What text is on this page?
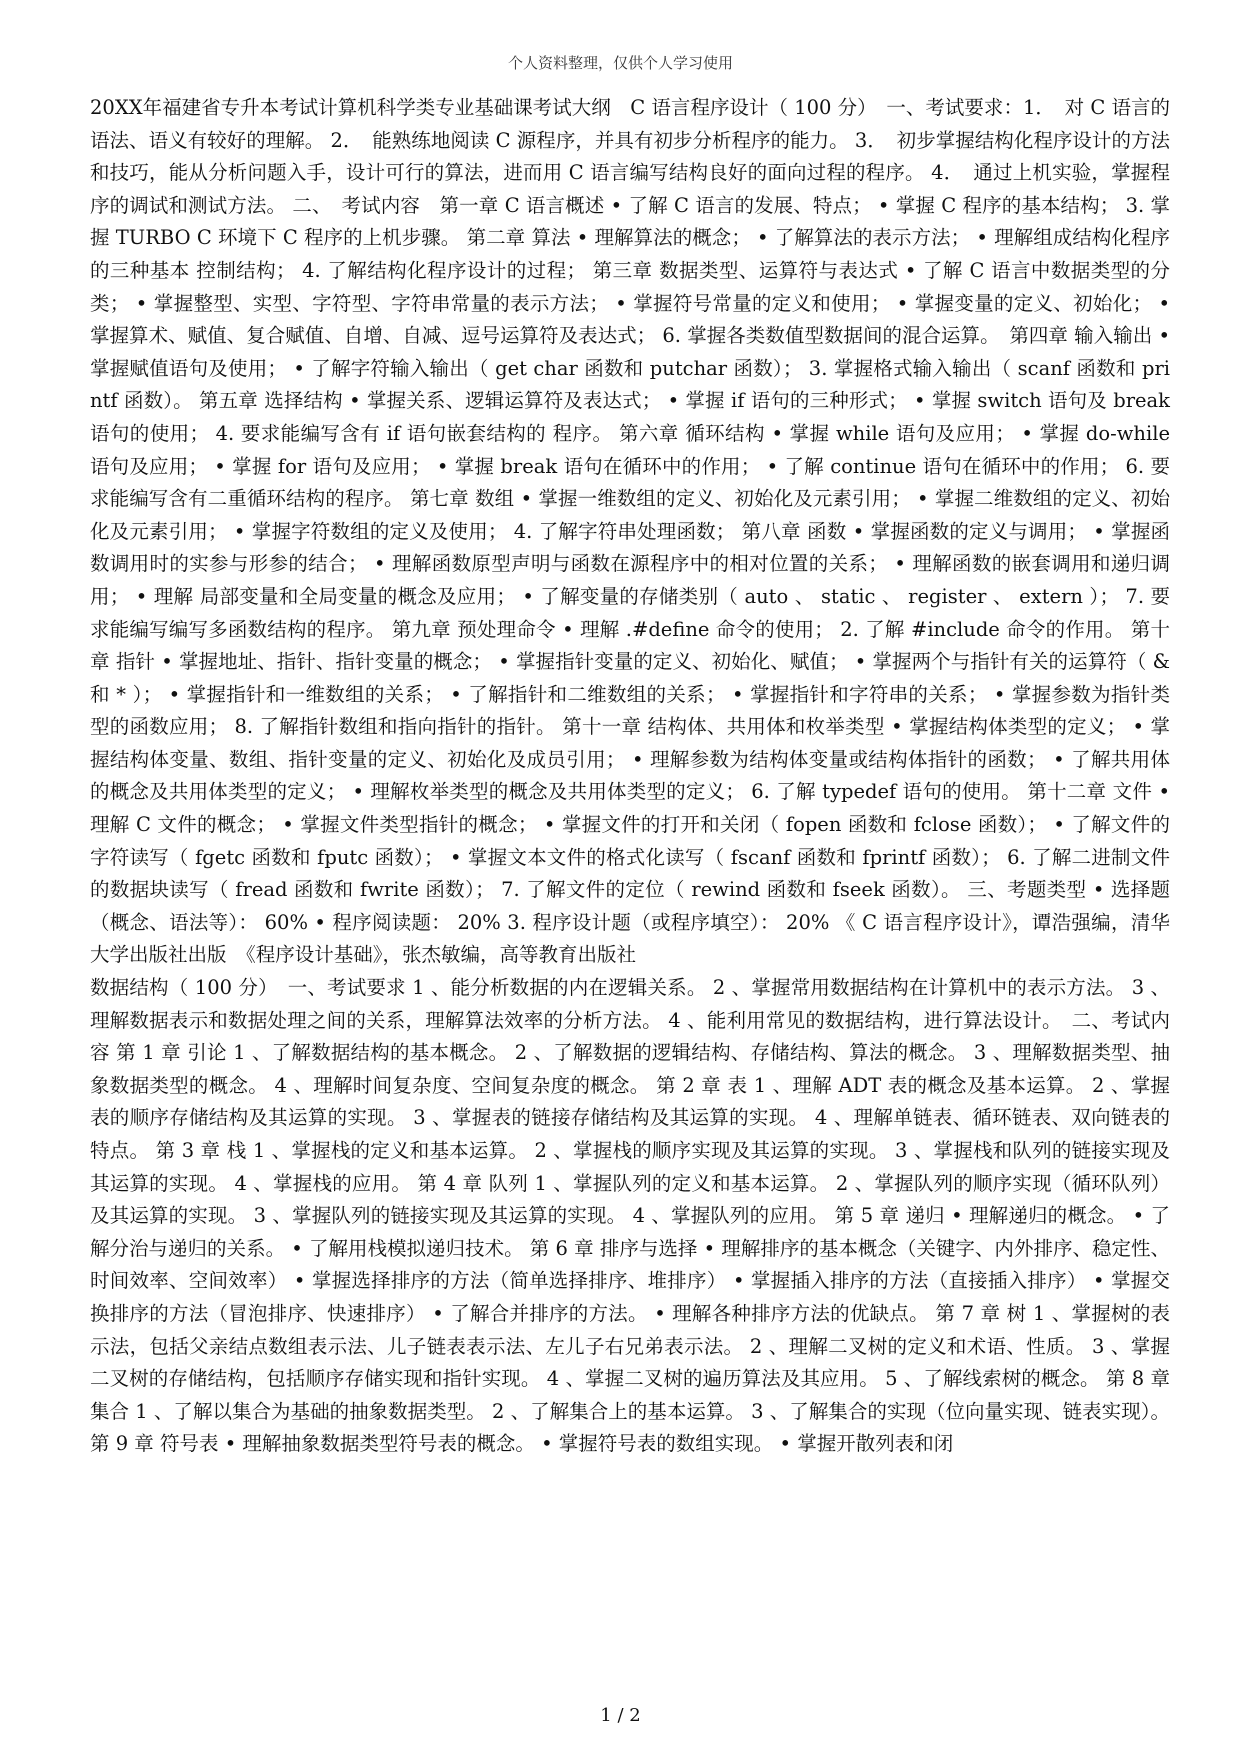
个人资料整理，仅供个人学习使用

20XX年福建省专升本考试计算机科学类专业基础课考试大纲　C 语言程序设计（ 100 分）　一、考试要求：1．　对 C 语言的语法、语义有较好的理解。 2．　能熟练地阅读 C 源程序，并具有初步分析程序的能力。 3．　初步掌握结构化程序设计的方法和技巧，能从分析问题入手，设计可行的算法，进而用 C 语言编写结构良好的面向过程的程序。 4．　通过上机实验，掌握程序的调试和测试方法。 二、　考试内容　第一章 C 语言概述 • 了解 C 语言的发展、特点； • 掌握 C 程序的基本结构； 3. 掌握 TURBO C 环境下 C 程序的上机步骤。 第二章 算法 • 理解算法的概念； • 了解算法的表示方法； • 理解组成结构化程序的三种基本 控制结构； 4. 了解结构化程序设计的过程； 第三章 数据类型、运算符与表达式 • 了解 C 语言中数据类型的分类； • 掌握整型、实型、字符型、字符串常量的表示方法； • 掌握符号常量的定义和使用； • 掌握变量的定义、初始化； • 掌握算术、赋值、复合赋值、自增、自减、逗号运算符及表达式； 6. 掌握各类数值型数据间的混合运算。　第四章 输入输出 • 掌握赋值语句及使用； • 了解字符输入输出（ get char 函数和 putchar 函数）； 3. 掌握格式输入输出（ scanf 函数和 printf 函数）。 第五章 选择结构 • 掌握关系、逻辑运算符及表达式； • 掌握 if 语句的三种形式； • 掌握 switch 语句及 break 语句的使用； 4. 要求能编写含有 if 语句嵌套结构的 程序。 第六章 循环结构 • 掌握 while 语句及应用； • 掌握 do-while 语句及应用； • 掌握 for 语句及应用； • 掌握 break 语句在循环中的作用； • 了解 continue 语句在循环中的作用； 6. 要求能编写含有二重循环结构的程序。 第七章 数组 • 掌握一维数组的定义、初始化及元素引用； • 掌握二维数组的定义、初始化及元素引用； • 掌握字符数组的定义及使用； 4. 了解字符串处理函数； 第八章 函数 • 掌握函数的定义与调用； • 掌握函数调用时的实参与形参的结合； • 理解函数原型声明与函数在源程序中的相对位置的关系； • 理解函数的嵌套调用和递归调用； • 理解 局部变量和全局变量的概念及应用； • 了解变量的存储类别（ auto 、 static 、 register 、 extern ）； 7. 要求能编写编写多函数结构的程序。 第九章 预处理命令 • 理解 .#define 命令的使用； 2. 了解 #include 命令的作用。 第十章 指针 • 掌握地址、指针、指针变量的概念； • 掌握指针变量的定义、初始化、赋值； • 掌握两个与指针有关的运算符（ & 和 * ）； • 掌握指针和一维数组的关系； • 了解指针和二维数组的关系； • 掌握指针和字符串的关系； • 掌握参数为指针类型的函数应用； 8. 了解指针数组和指向指针的指针。 第十一章 结构体、共用体和枚举类型 • 掌握结构体类型的定义； • 掌握结构体变量、数组、指针变量的定义、初始化及成员引用； • 理解参数为结构体变量或结构体指针的函数； • 了解共用体的概念及共用体类型的定义； • 理解枚举类型的概念及共用体类型的定义； 6. 了解 typedef 语句的使用。 第十二章 文件 • 理解 C 文件的概念； • 掌握文件类型指针的概念； • 掌握文件的打开和关闭（ fopen 函数和 fclose 函数）； • 了解文件的字符读写（ fgetc 函数和 fputc 函数）； • 掌握文本文件的格式化读写（ fscanf 函数和 fprintf 函数）； 6. 了解二进制文件的数据块读写（ fread 函数和 fwrite 函数）； 7. 了解文件的定位（ rewind 函数和 fseek 函数）。 三、考题类型 • 选择题（概念、语法等）： 60% • 程序阅读题： 20% 3. 程序设计题（或程序填空）： 20% 《 C 语言程序设计》，谭浩强编，清华大学出版社出版　《程序设计基础》，张杰敏编，高等教育出版社

数据结构（ 100 分）　一、考试要求 1 、能分析数据的内在逻辑关系。 2 、掌握常用数据结构在计算机中的表示方法。 3 、理解数据表示和数据处理之间的关系，理解算法效率的分析方法。 4 、能利用常见的数据结构，进行算法设计。　二、考试内容 第 1 章 引论 1 、了解数据结构的基本概念。 2 、了解数据的逻辑结构、存储结构、算法的概念。 3 、理解数据类型、抽象数据类型的概念。 4 、理解时间复杂度、空间复杂度的概念。 第 2 章 表 1 、理解 ADT 表的概念及基本运算。 2 、掌握表的顺序存储结构及其运算的实现。 3 、掌握表的链接存储结构及其运算的实现。 4 、理解单链表、循环链表、双向链表的特点。 第 3 章 栈 1 、掌握栈的定义和基本运算。 2 、掌握栈的顺序实现及其运算的实现。 3 、掌握栈和队列的链接实现及其运算的实现。 4 、掌握栈的应用。 第 4 章 队列 1 、掌握队列的定义和基本运算。 2 、掌握队列的顺序实现（循环队列）及其运算的实现。 3 、掌握队列的链接实现及其运算的实现。 4 、掌握队列的应用。 第 5 章 递归 • 理解递归的概念。 • 了解分治与递归的关系。 • 了解用栈模拟递归技术。 第 6 章 排序与选择 • 理解排序的基本概念（关键字、内外排序、稳定性、时间效率、空间效率） • 掌握选择排序的方法（简单选择排序、堆排序） • 掌握插入排序的方法（直接插入排序） • 掌握交换排序的方法（冒泡排序、快速排序） • 了解合并排序的方法。 • 理解各种排序方法的优缺点。 第 7 章 树 1 、掌握树的表示法，包括父亲结点数组表示法、儿子链表表示法、左儿子右兄弟表示法。 2 、理解二叉树的定义和术语、性质。 3 、掌握二叉树的存储结构，包括顺序存储实现和指针实现。 4 、掌握二叉树的遍历算法及其应用。 5 、了解线索树的概念。 第 8 章 集合 1 、了解以集合为基础的抽象数据类型。 2 、了解集合上的基本运算。 3 、了解集合的实现（位向量实现、链表实现）。 第 9 章 符号表 • 理解抽象数据类型符号表的概念。 • 掌握符号表的数组实现。 • 掌握开散列表和闭

1 / 2
